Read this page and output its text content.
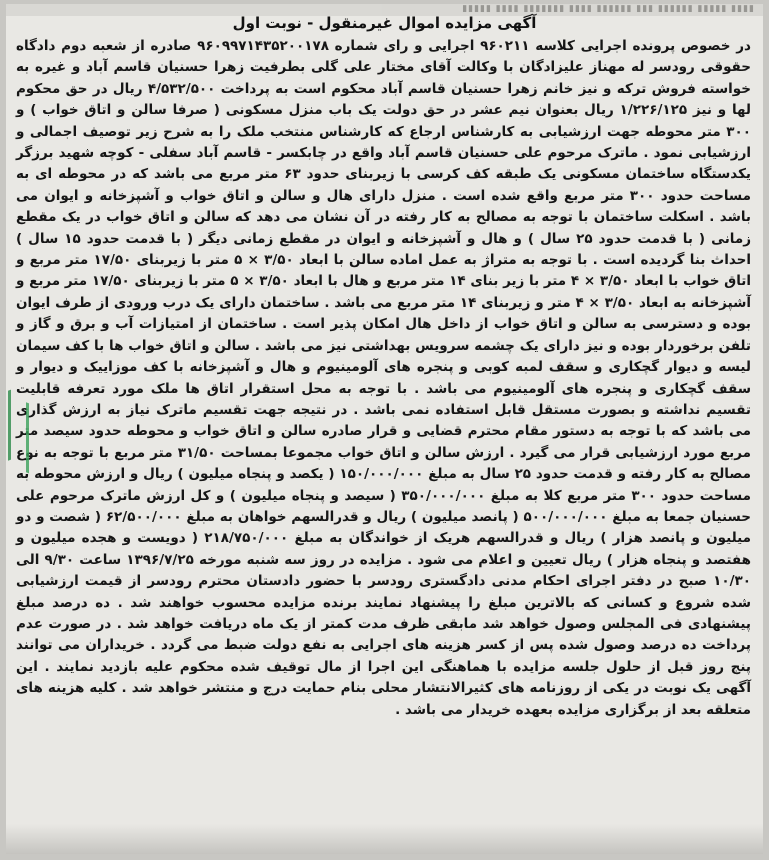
▮▮▮▮ ▮▮▮▮▮ ▮▮▮▮▮▮ ▮▮▮ ▮▮▮▮▮▮ ▮▮▮▮ ▮▮▮▮▮▮▮ ▮▮▮▮ ▮▮▮▮▮
آگهی مزایده اموال غیرمنقول - نوبت اول
در خصوص پرونده اجرایی کلاسه ۹۶۰۲۱۱ اجرایی و رای شماره ۹۶۰۹۹۷۱۴۳۵۲۰۰۱۷۸ صادره از شعبه دوم دادگاه حقوقی رودسر له مهناز علیزادگان با وکالت آقای مختار علی گلی بطرفیت زهرا حسنیان قاسم آباد و غیره به خواسته فروش ترکه و نیز خانم زهرا حسنیان قاسم آباد محکوم است به پرداخت ۴/۵۳۲/۵۰۰ ریال در حق محکوم لها و نیز ۱/۲۲۶/۱۲۵ ریال بعنوان نیم عشر در حق دولت یک باب منزل مسکونی ( صرفا سالن و اتاق خواب ) و ۳۰۰ متر محوطه جهت ارزشیابی به کارشناس ارجاع که کارشناس منتخب ملک را به شرح زیر توصیف اجمالی و ارزشیابی نمود . ماترک مرحوم علی حسنیان قاسم آباد واقع در چابکسر - قاسم آباد سفلی - کوچه شهید برزگر یکدستگاه ساختمان مسکونی یک طبقه کف کرسی با زیربنای حدود ۶۳ متر مربع می باشد که در محوطه ای به مساحت حدود ۳۰۰ متر مربع واقع شده است . منزل دارای هال و سالن و اتاق خواب و آشپزخانه و ایوان می باشد . اسکلت ساختمان با توجه به مصالح به کار رفته در آن نشان می دهد که سالن و اتاق خواب در یک مقطع زمانی ( با قدمت حدود ۲۵ سال ) و هال و آشپزخانه و ایوان در مقطع زمانی دیگر ( با قدمت حدود ۱۵ سال ) احداث بنا گردیده است . با توجه به متراژ به عمل اماده سالن با ابعاد ۳/۵۰ × ۵ متر با زیربنای ۱۷/۵۰ متر مربع و اتاق خواب با ابعاد ۳/۵۰ × ۴ متر با زیر بنای ۱۴ متر مربع و هال با ابعاد ۳/۵۰ × ۵ متر با زیربنای ۱۷/۵۰ متر مربع و آشپزخانه به ابعاد ۳/۵۰ × ۴ متر و زیربنای ۱۴ متر مربع می باشد . ساختمان دارای یک درب ورودی از طرف ایوان بوده و دسترسی به سالن و اتاق خواب از داخل هال امکان پذیر است . ساختمان از امتیازات آب و برق و گاز و تلفن برخوردار بوده و نیز دارای یک چشمه سرویس بهداشتی نیز می باشد . سالن و اتاق خواب ها با کف سیمان لیسه و دیوار گچکاری و سقف لمبه کوبی و پنجره های آلومینیوم و هال و آشپزخانه با کف موزاییک و دیوار و سقف گچکاری و پنجره های آلومینیوم می باشد . با توجه به محل استقرار اتاق ها ملک مورد تعرفه قابلیت تقسیم نداشته و بصورت مستقل قابل استفاده نمی باشد . در نتیجه جهت تقسیم ماترک نیاز به ارزش گذاری می باشد که با توجه به دستور مقام محترم قضایی و قرار صادره سالن و اتاق خواب و محوطه حدود سیصد متر مربع مورد ارزشیابی قرار می گیرد . ارزش سالن و اتاق خواب مجموعا بمساحت ۳۱/۵۰ متر مربع با توجه به نوع مصالح به کار رفته و قدمت حدود ۲۵ سال به مبلغ ۱۵۰/۰۰۰/۰۰۰ ( یکصد و پنجاه میلیون ) ریال و ارزش محوطه به مساحت حدود ۳۰۰ متر مربع کلا به مبلغ ۳۵۰/۰۰۰/۰۰۰ ( سیصد و پنجاه میلیون ) و کل ارزش ماترک مرحوم علی حسنیان جمعا به مبلغ ۵۰۰/۰۰۰/۰۰۰ ( پانصد میلیون ) ریال و قدرالسهم خواهان به مبلغ ۶۲/۵۰۰/۰۰۰ ( شصت و دو میلیون و پانصد هزار ) ریال و قدرالسهم هریک از خواندگان به مبلغ ۲۱۸/۷۵۰/۰۰۰ ( دویست و هجده میلیون و هفتصد و پنجاه هزار ) ریال تعیین و اعلام می شود . مزایده در روز سه شنبه مورخه ۱۳۹۶/۷/۲۵ ساعت ۹/۳۰ الی ۱۰/۳۰ صبح در دفتر اجرای احکام مدنی دادگستری رودسر با حضور دادستان محترم رودسر از قیمت ارزشیابی شده شروع و کسانی که بالاترین مبلغ را پیشنهاد نمایند برنده مزایده محسوب خواهند شد . ده درصد مبلغ پیشنهادی فی المجلس وصول خواهد شد مابقی ظرف مدت کمتر از یک ماه دریافت خواهد شد . در صورت عدم پرداخت ده درصد وصول شده پس از کسر هزینه های اجرایی به نفع دولت ضبط می گردد . خریداران می توانند پنج روز قبل از حلول جلسه مزایده با هماهنگی این اجرا از مال توقیف شده محکوم علیه بازدید نمایند . این آگهی یک نوبت در یکی از روزنامه های کثیرالانتشار محلی بنام حمایت درج و منتشر خواهد شد . کلیه هزینه های متعلقه بعد از برگزاری مزایده بعهده خریدار می باشد .
